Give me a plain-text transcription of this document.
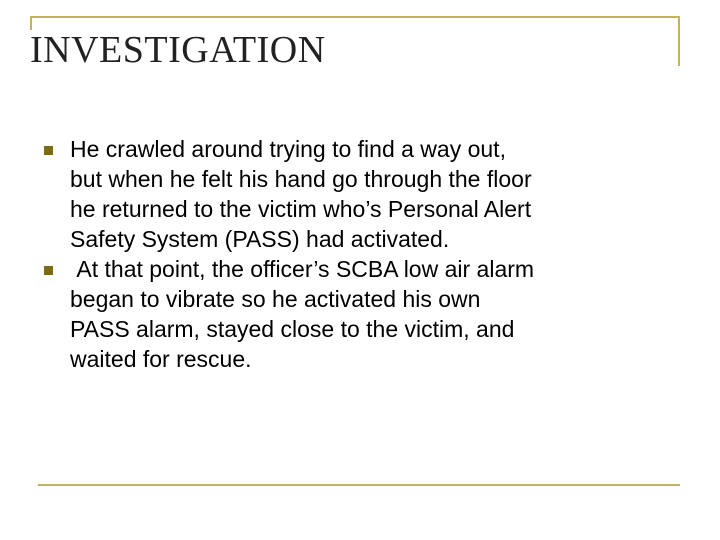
INVESTIGATION
He crawled around trying to find a way out,
but when he felt his hand go through the floor
he returned to the victim who’s Personal Alert
Safety System (PASS) had activated.
At that point, the officer’s SCBA low air alarm
began to vibrate so he activated his own
PASS alarm, stayed close to the victim, and
waited for rescue.
